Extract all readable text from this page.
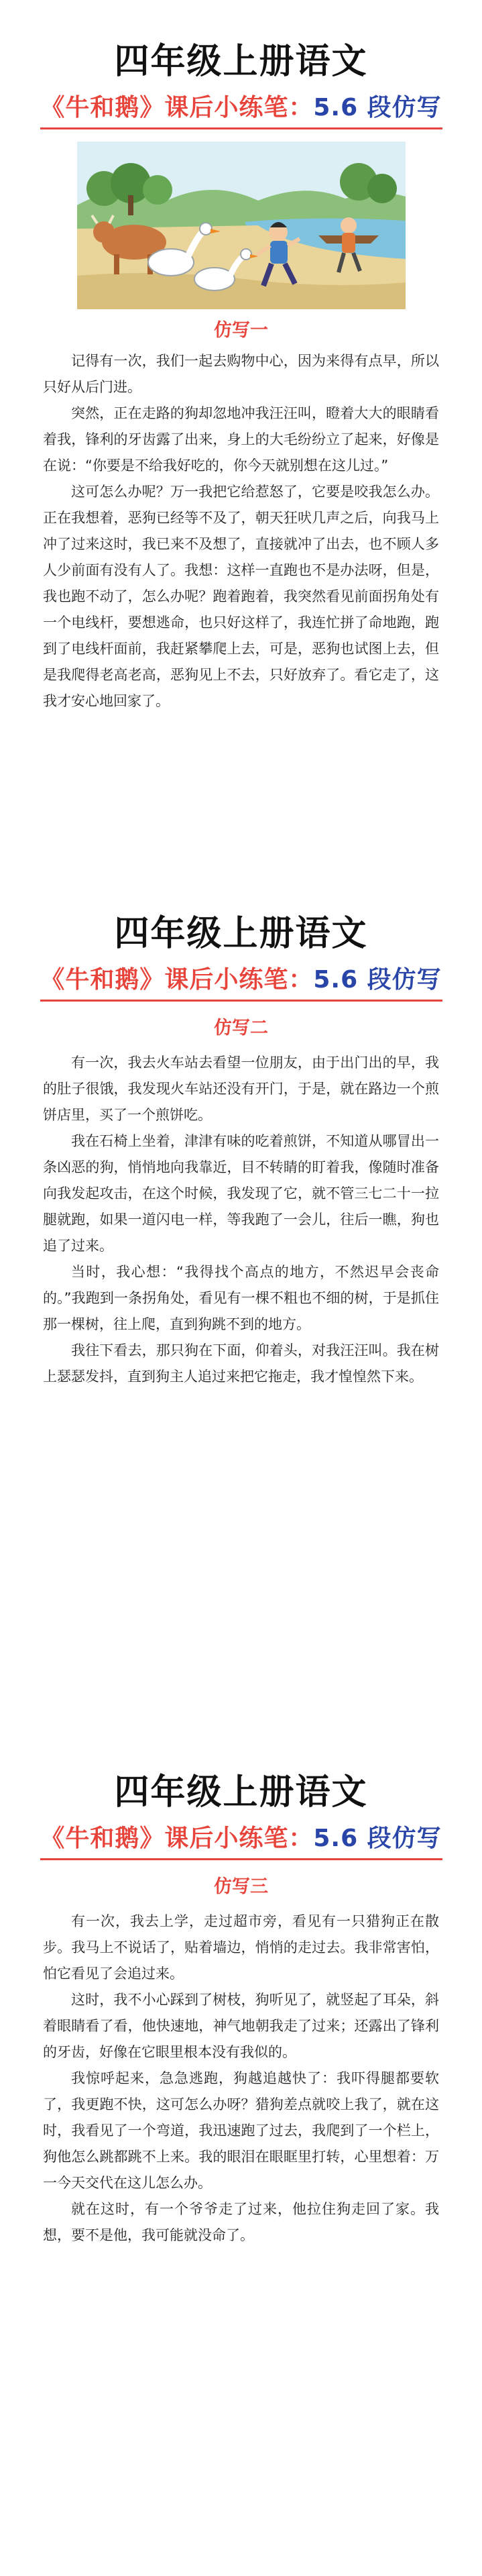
四年级上册语文
《牛和鹅》课后小练笔：5.6 段仿写

仿写一

记得有一次，我们一起去购物中心，因为来得有点早，所以只好从后门进。

突然，正在走路的狗却忽地冲我汪汪叫，瞪着大大的眼睛看着我，锋利的牙齿露了出来，身上的大毛纷纷立了起来，好像是在说：“你要是不给我好吃的，你今天就别想在这儿过。”

这可怎么办呢？万一我把它给惹怒了，它要是咬我怎么办。正在我想着，恶狗已经等不及了，朝天狂吠几声之后，向我马上冲了过来这时，我已来不及想了，直接就冲了出去，也不顾人多人少前面有没有人了。我想：这样一直跑也不是办法呀，但是，我也跑不动了，怎么办呢？跑着跑着，我突然看见前面拐角处有一个电线杆，要想逃命，也只好这样了，我连忙拼了命地跑，跑到了电线杆面前，我赶紧攀爬上去，可是，恶狗也试图上去，但是我爬得老高老高，恶狗见上不去，只好放弃了。看它走了，这我才安心地回家了。

四年级上册语文
《牛和鹅》课后小练笔：5.6 段仿写

仿写二

有一次，我去火车站去看望一位朋友，由于出门出的早，我的肚子很饿，我发现火车站还没有开门，于是，就在路边一个煎饼店里，买了一个煎饼吃。

我在石椅上坐着，津津有味的吃着煎饼，不知道从哪冒出一条凶恶的狗，悄悄地向我靠近，目不转睛的盯着我，像随时准备向我发起攻击，在这个时候，我发现了它，就不管三七二十一拉腿就跑，如果一道闪电一样，等我跑了一会儿，往后一瞧，狗也追了过来。

当时，我心想：“我得找个高点的地方，不然迟早会丧命的。”我跑到一条拐角处，看见有一棵不粗也不细的树，于是抓住那一棵树，往上爬，直到狗跳不到的地方。

我往下看去，那只狗在下面，仰着头，对我汪汪叫。我在树上瑟瑟发抖，直到狗主人追过来把它拖走，我才惶惶然下来。

四年级上册语文
《牛和鹅》课后小练笔：5.6 段仿写

仿写三

有一次，我去上学，走过超市旁，看见有一只猎狗正在散步。我马上不说话了，贴着墙边，悄悄的走过去。我非常害怕，怕它看见了会追过来。

这时，我不小心踩到了树枝，狗听见了，就竖起了耳朵，斜着眼睛看了看，他快速地，神气地朝我走了过来；还露出了锋利的牙齿，好像在它眼里根本没有我似的。

我惊呼起来，急急逃跑，狗越追越快了：我吓得腿都要软了，我更跑不快，这可怎么办呀？猎狗差点就咬上我了，就在这时，我看见了一个弯道，我迅速跑了过去，我爬到了一个栏上，狗他怎么跳都跳不上来。我的眼泪在眼眶里打转，心里想着：万一今天交代在这儿怎么办。

就在这时，有一个爷爷走了过来，他拉住狗走回了家。我想，要不是他，我可能就没命了。
